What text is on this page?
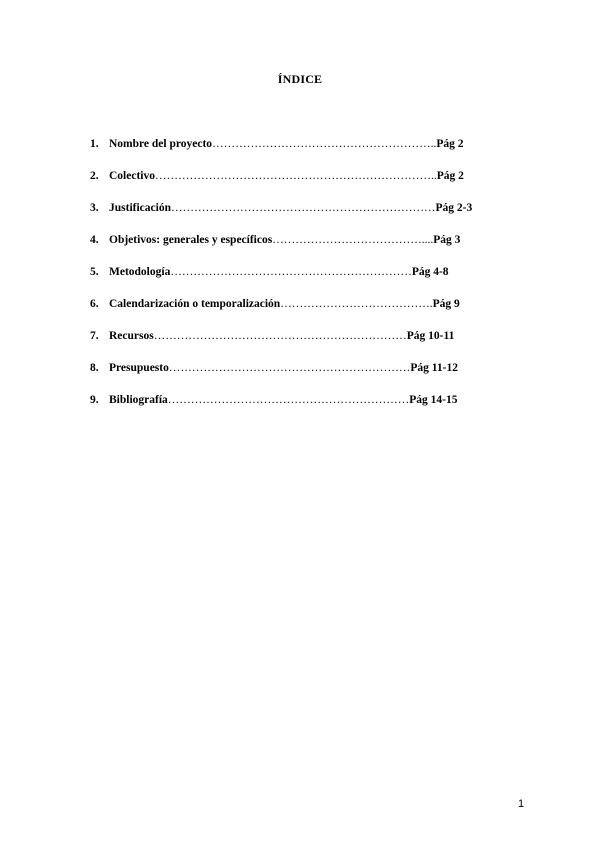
ÍNDICE
1. Nombre del proyecto…………………………………………………..Pág 2
2. Colectivo………………………………………………………………..Pág 2
3. Justificación……………………………………………………………Pág 2-3
4. Objetivos: generales y específicos…………………………………....Pág 3
5. Metodología………………………………………………………Pág 4-8
6. Calendarización o temporalización………………………………….Pág 9
7. Recursos…………………………………………………………Pág 10-11
8. Presupuesto………………………………………………………Pág 11-12
9. Bibliografía………………………………………………………Pág 14-15
1
